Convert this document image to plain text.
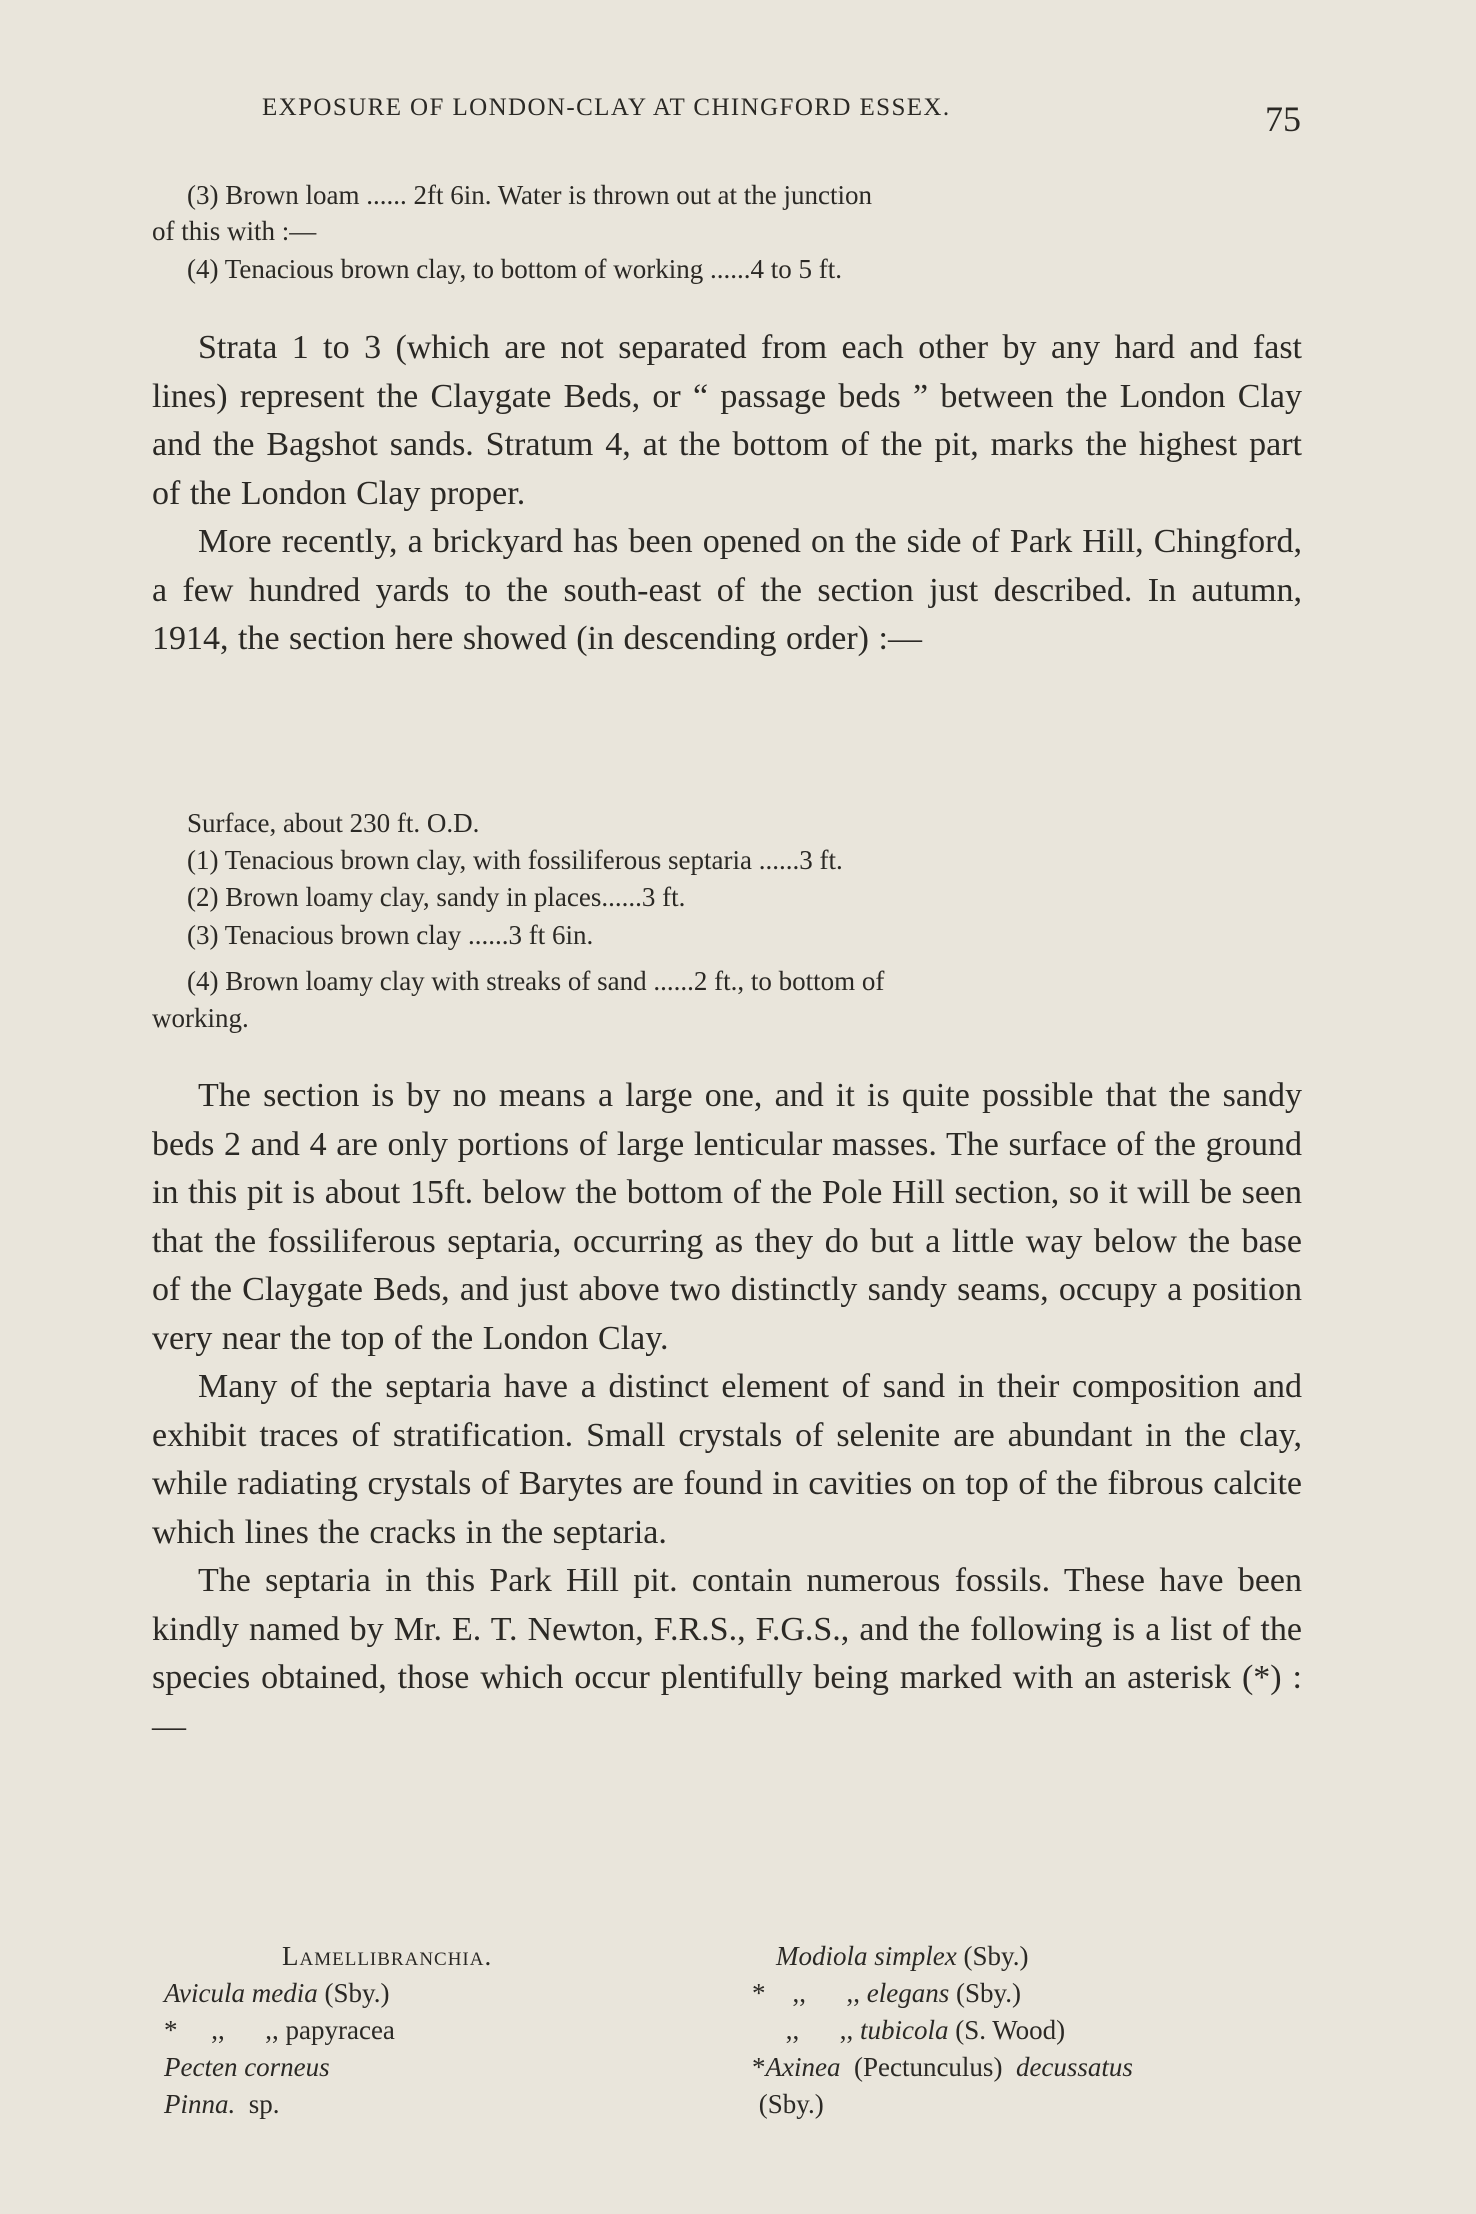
EXPOSURE OF LONDON-CLAY AT CHINGFORD ESSEX.	75
(3) Brown loam ...... 2ft 6in. Water is thrown out at the junction
of this with :—
(4) Tenacious brown clay, to bottom of working ......4 to 5 ft.

Strata 1 to 3 (which are not separated from each other by any hard and fast lines) represent the Claygate Beds, or “ passage beds ” between the London Clay and the Bagshot sands. Stratum 4, at the bottom of the pit, marks the highest part of the London Clay proper.

More recently, a brickyard has been opened on the side of Park Hill, Chingford, a few hundred yards to the south-east of the section just described. In autumn, 1914, the section here showed (in descending order) :—

Surface, about 230 ft. O.D.
(1) Tenacious brown clay, with fossiliferous septaria ......3 ft.
(2) Brown loamy clay, sandy in places......3 ft.
(3) Tenacious brown clay ......3 ft 6in.
(4) Brown loamy clay with streaks of sand ......2 ft., to bottom of
working.

The section is by no means a large one, and it is quite possible that the sandy beds 2 and 4 are only portions of large lenticular masses. The surface of the ground in this pit is about 15ft. below the bottom of the Pole Hill section, so it will be seen that the fossiliferous septaria, occurring as they do but a little way below the base of the Claygate Beds, and just above two distinctly sandy seams, occupy a position very near the top of the London Clay.

Many of the septaria have a distinct element of sand in their composition and exhibit traces of stratification. Small crystals of selenite are abundant in the clay, while radiating crystals of Barytes are found in cavities on top of the fibrous calcite which lines the cracks in the septaria.

The septaria in this Park Hill pit. contain numerous fossils. These have been kindly named by Mr. E. T. Newton, F.R.S., F.G.S., and the following is a list of the species obtained, those which occur plentifully being marked with an asterisk (*) :—

Lamellibranchia.
Avicula media (Sby.)
*     ,,      ,, papyracea
Pecten corneus
Pinna.  sp.
Modiola simplex (Sby.)
*    ,,      ,, elegans (Sby.)
,,      ,, tubicola (S. Wood)
*Axinea  (Pectunculus)  decussatus
(Sby.)
